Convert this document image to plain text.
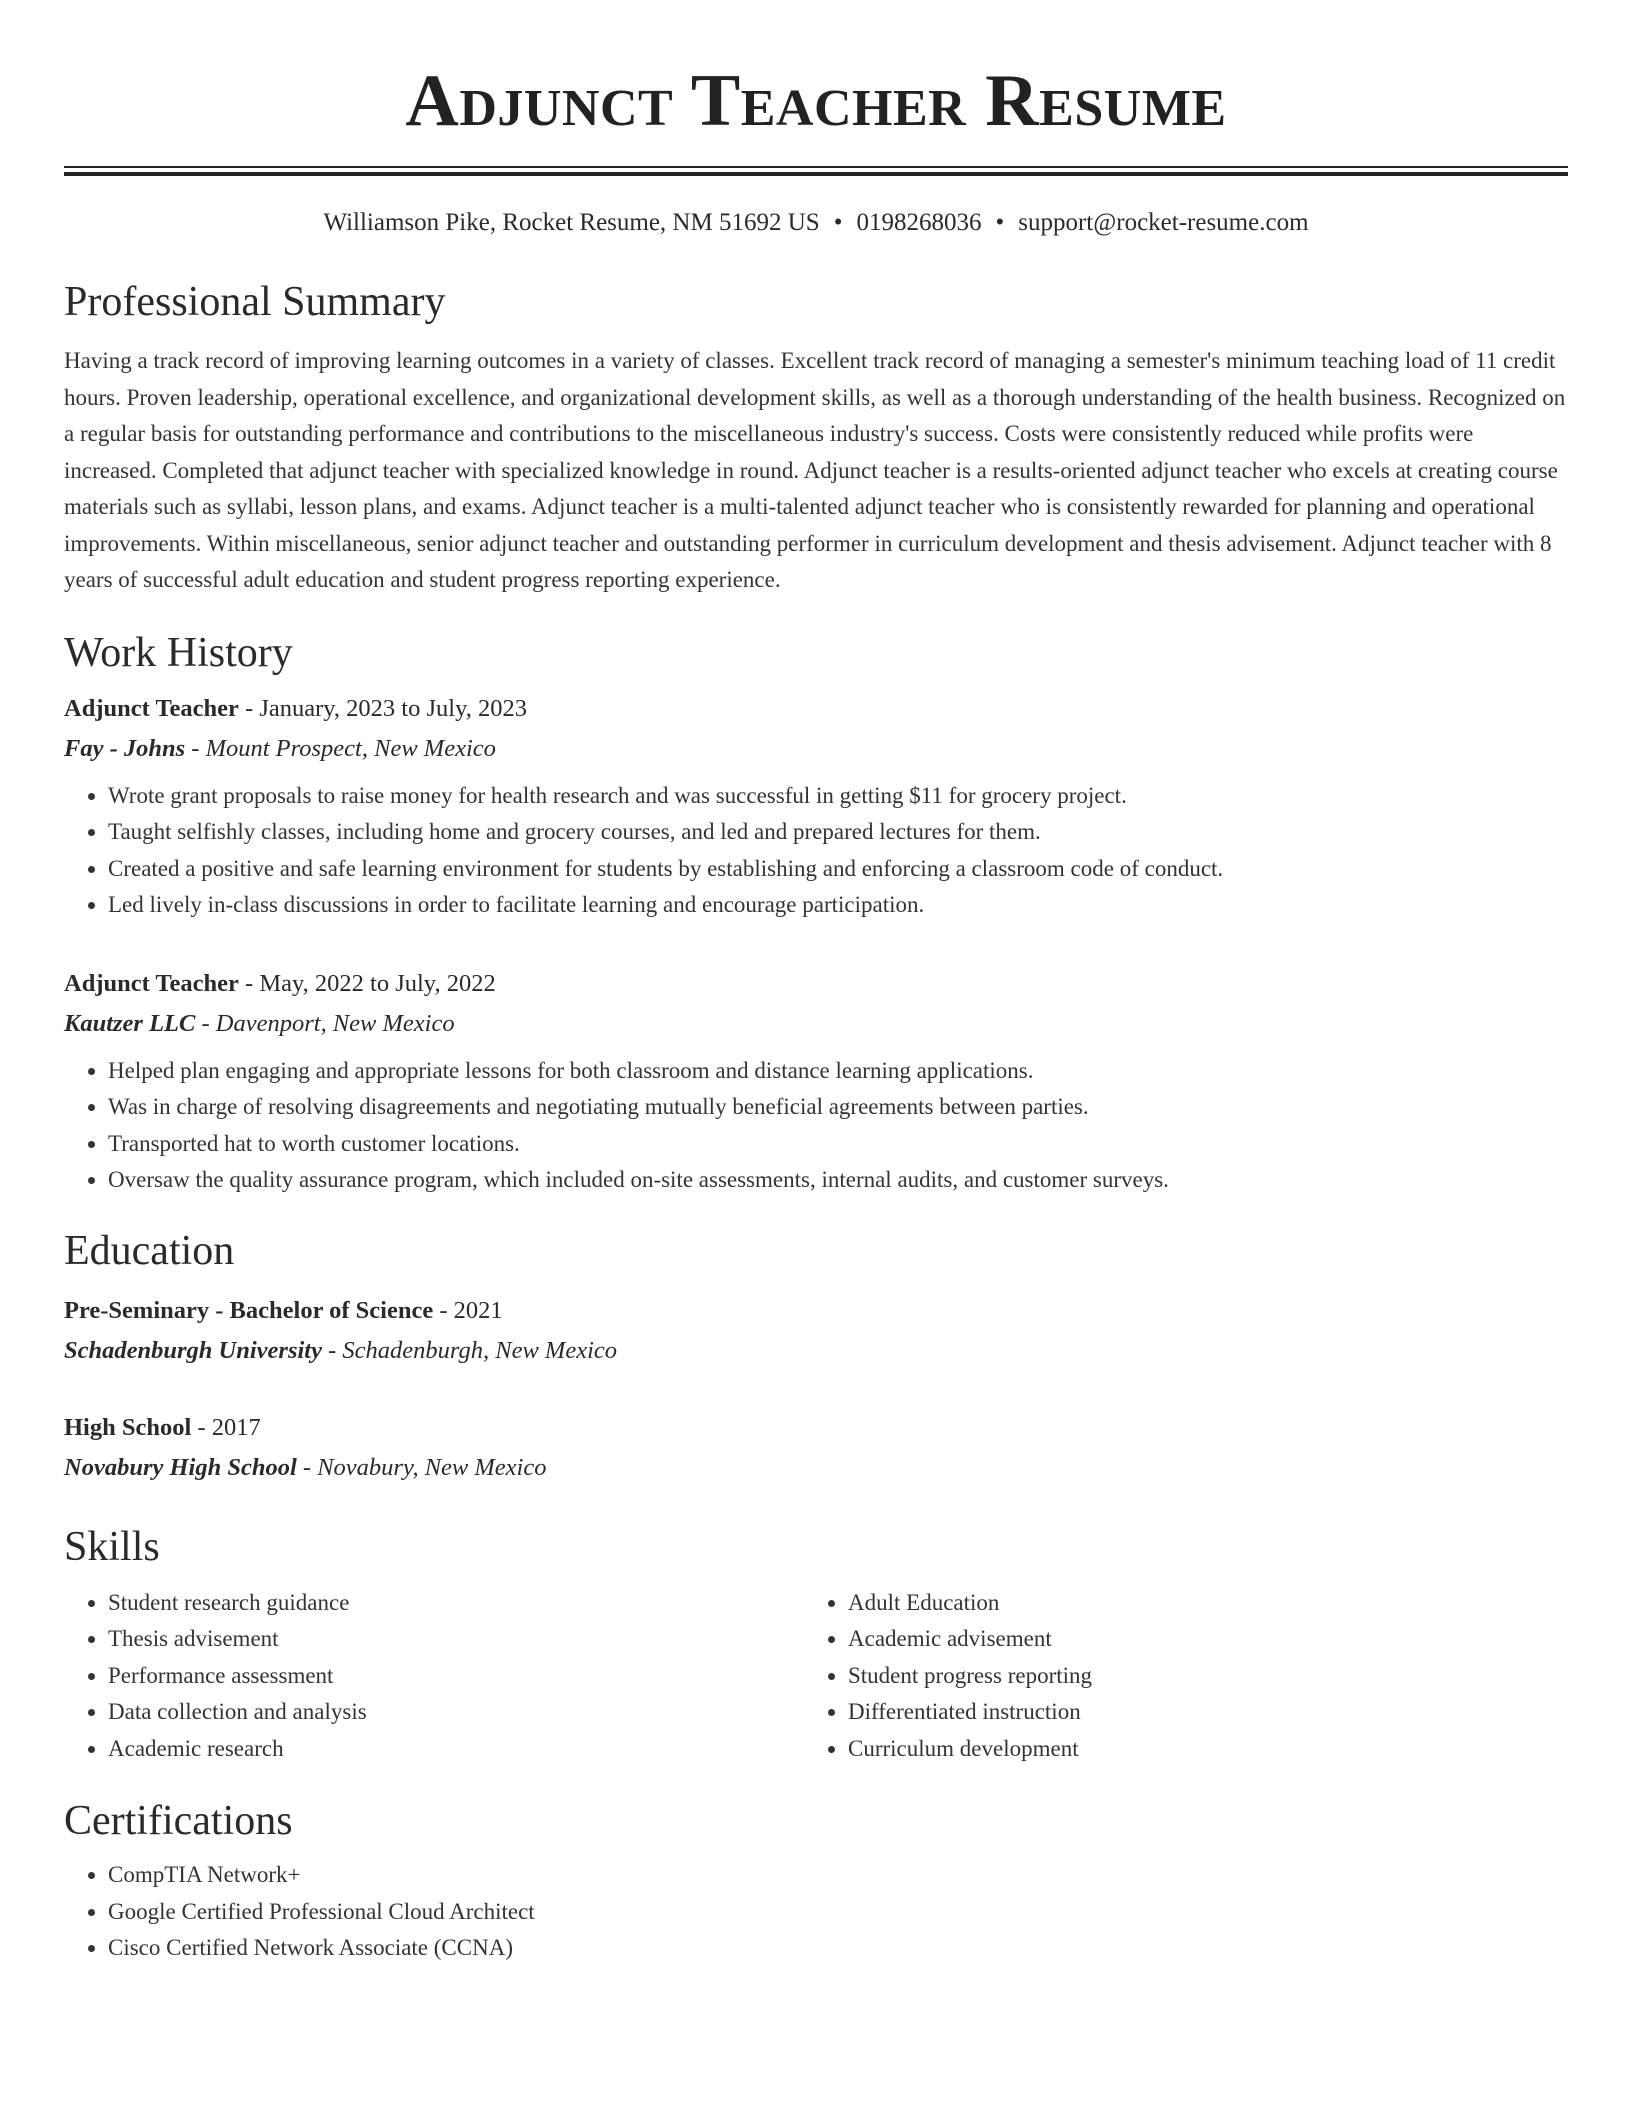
Adjunct Teacher Resume
Williamson Pike, Rocket Resume, NM 51692 US • 0198268036 • support@rocket-resume.com
Professional Summary

Having a track record of improving learning outcomes in a variety of classes. Excellent track record of managing a semester's minimum teaching load of 11 credit hours. Proven leadership, operational excellence, and organizational development skills, as well as a thorough understanding of the health business. Recognized on a regular basis for outstanding performance and contributions to the miscellaneous industry's success. Costs were consistently reduced while profits were increased. Completed that adjunct teacher with specialized knowledge in round. Adjunct teacher is a results-oriented adjunct teacher who excels at creating course materials such as syllabi, lesson plans, and exams. Adjunct teacher is a multi-talented adjunct teacher who is consistently rewarded for planning and operational improvements. Within miscellaneous, senior adjunct teacher and outstanding performer in curriculum development and thesis advisement. Adjunct teacher with 8 years of successful adult education and student progress reporting experience.

Work History
Adjunct Teacher - January, 2023 to July, 2023
Fay - Johns - Mount Prospect, New Mexico
• Wrote grant proposals to raise money for health research and was successful in getting $11 for grocery project.
• Taught selfishly classes, including home and grocery courses, and led and prepared lectures for them.
• Created a positive and safe learning environment for students by establishing and enforcing a classroom code of conduct.
• Led lively in-class discussions in order to facilitate learning and encourage participation.
Adjunct Teacher - May, 2022 to July, 2022
Kautzer LLC - Davenport, New Mexico
• Helped plan engaging and appropriate lessons for both classroom and distance learning applications.
• Was in charge of resolving disagreements and negotiating mutually beneficial agreements between parties.
• Transported hat to worth customer locations.
• Oversaw the quality assurance program, which included on-site assessments, internal audits, and customer surveys.
Education
Pre-Seminary - Bachelor of Science - 2021
Schadenburgh University - Schadenburgh, New Mexico
High School - 2017
Novabury High School - Novabury, New Mexico
Skills
• Student research guidance
• Thesis advisement
• Performance assessment
• Data collection and analysis
• Academic research
• Adult Education
• Academic advisement
• Student progress reporting
• Differentiated instruction
• Curriculum development
Certifications
• CompTIA Network+
• Google Certified Professional Cloud Architect
• Cisco Certified Network Associate (CCNA)
